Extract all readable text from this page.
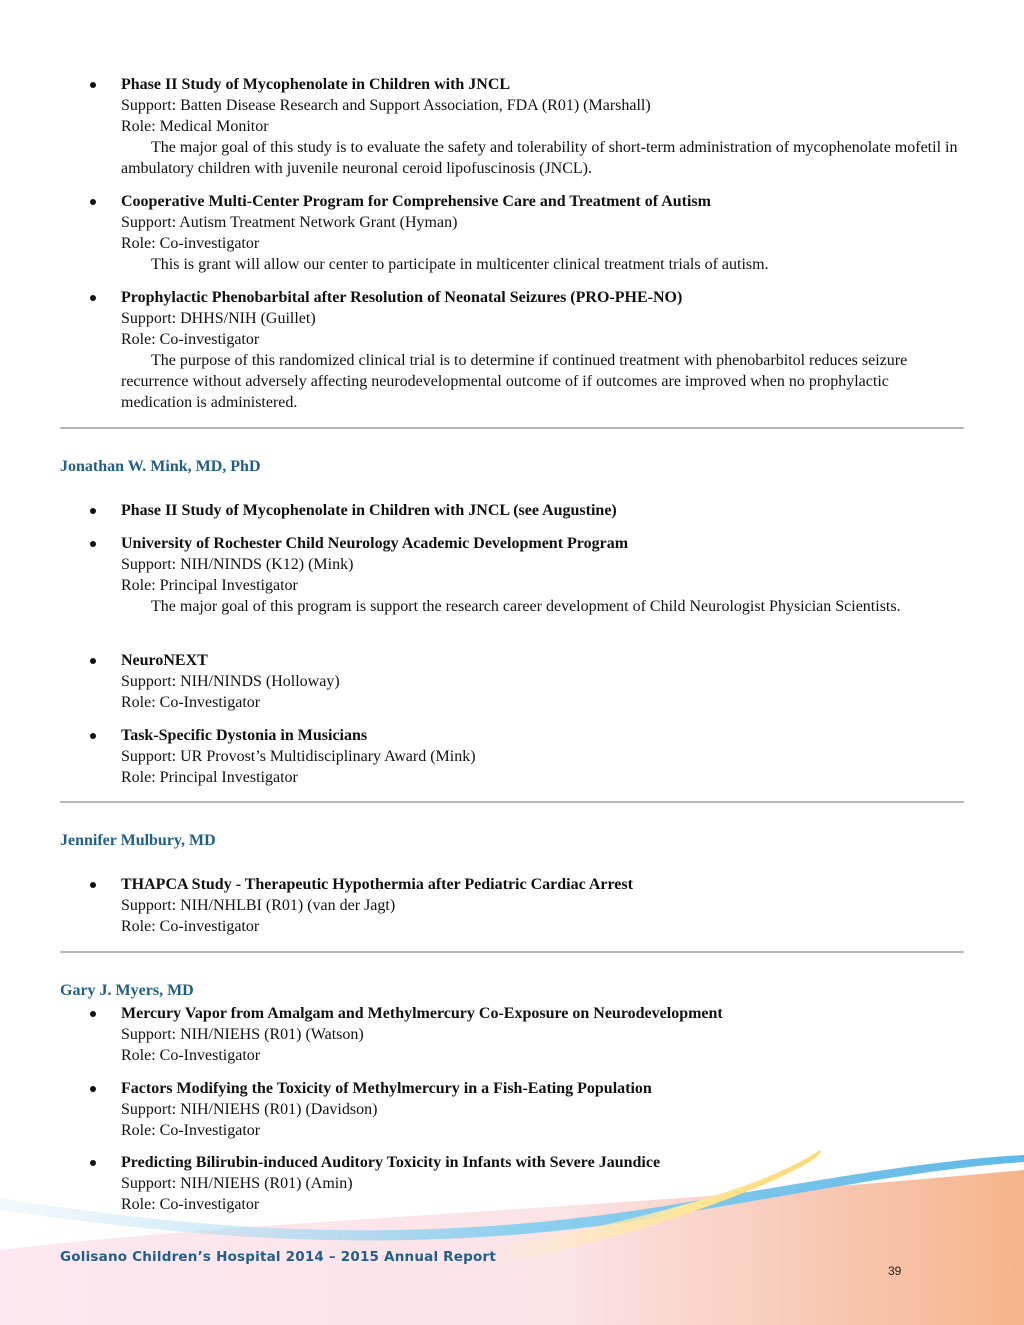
Phase II Study of Mycophenolate in Children with JNCL
Support: Batten Disease Research and Support Association, FDA (R01) (Marshall)
Role: Medical Monitor
The major goal of this study is to evaluate the safety and tolerability of short-term administration of mycophenolate mofetil in ambulatory children with juvenile neuronal ceroid lipofuscinosis (JNCL).
Cooperative Multi-Center Program for Comprehensive Care and Treatment of Autism
Support: Autism Treatment Network Grant (Hyman)
Role: Co-investigator
This is grant will allow our center to participate in multicenter clinical treatment trials of autism.
Prophylactic Phenobarbital after Resolution of Neonatal Seizures (PRO-PHE-NO)
Support: DHHS/NIH (Guillet)
Role: Co-investigator
The purpose of this randomized clinical trial is to determine if continued treatment with phenobarbitol reduces seizure recurrence without adversely affecting neurodevelopmental outcome of if outcomes are improved when no prophylactic medication is administered.
Jonathan W. Mink, MD, PhD
Phase II Study of Mycophenolate in Children with JNCL (see Augustine)
University of Rochester Child Neurology Academic Development Program
Support: NIH/NINDS (K12) (Mink)
Role: Principal Investigator
The major goal of this program is support the research career development of Child Neurologist Physician Scientists.
NeuroNEXT
Support: NIH/NINDS (Holloway)
Role: Co-Investigator
Task-Specific Dystonia in Musicians
Support: UR Provost’s Multidisciplinary Award (Mink)
Role: Principal Investigator
Jennifer Mulbury, MD
THAPCA Study - Therapeutic Hypothermia after Pediatric Cardiac Arrest
Support: NIH/NHLBI (R01) (van der Jagt)
Role: Co-investigator
Gary J. Myers, MD
Mercury Vapor from Amalgam and Methylmercury Co-Exposure on Neurodevelopment
Support: NIH/NIEHS (R01) (Watson)
Role: Co-Investigator
Factors Modifying the Toxicity of Methylmercury in a Fish-Eating Population
Support: NIH/NIEHS (R01) (Davidson)
Role: Co-Investigator
Predicting Bilirubin-induced Auditory Toxicity in Infants with Severe Jaundice
Support: NIH/NIEHS (R01) (Amin)
Role: Co-investigator
Golisano Children’s Hospital 2014 – 2015 Annual Report
39
